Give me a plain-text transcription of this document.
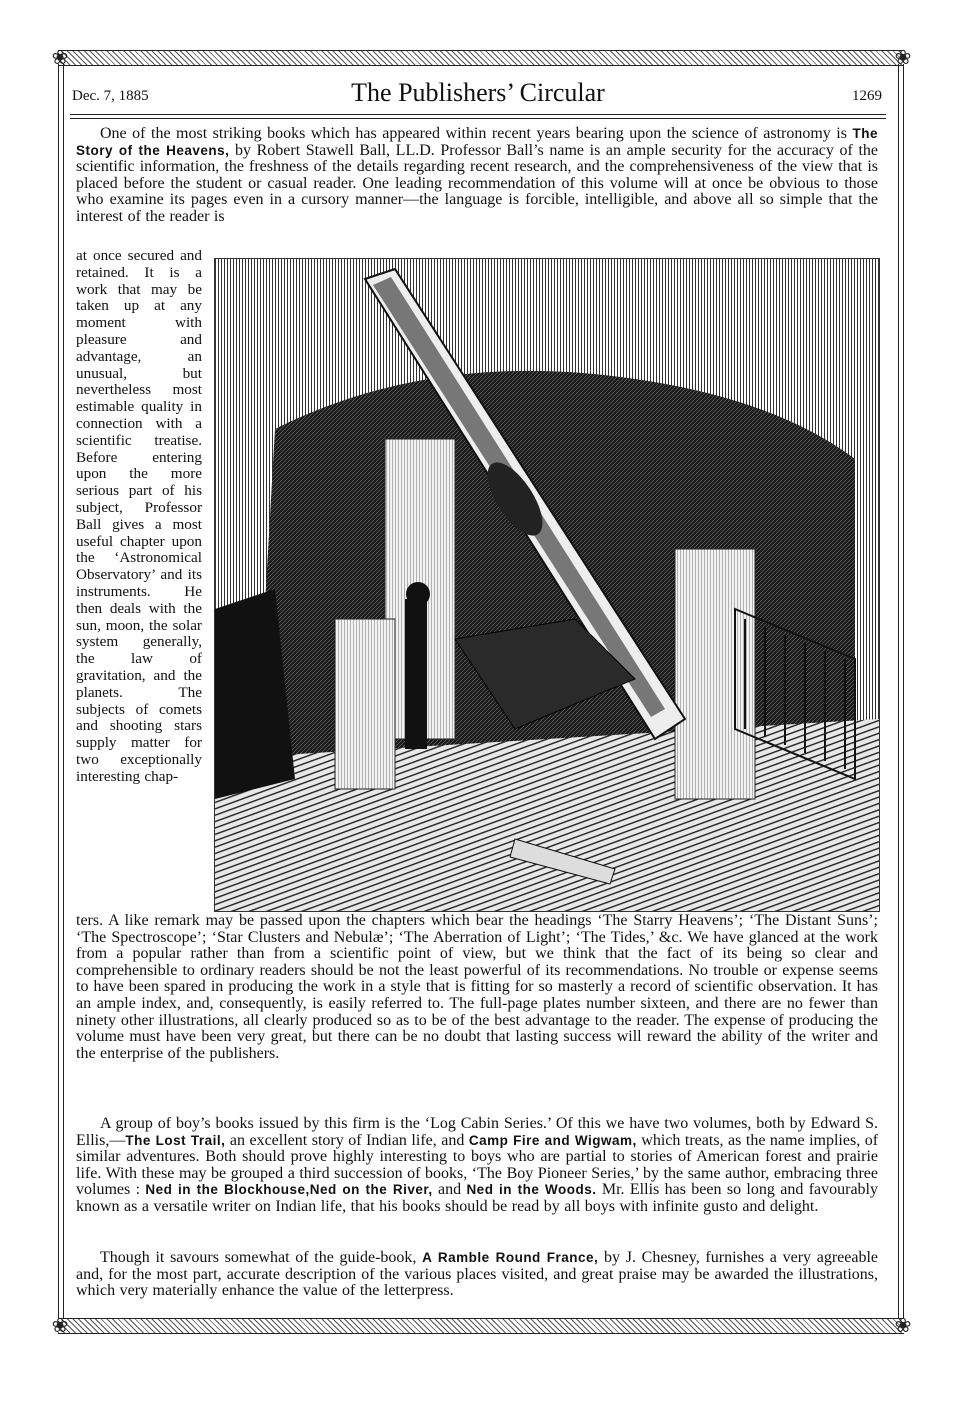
❀	❀
❀	❀
Dec. 7, 1885	The Publishers’ Circular	1269
One of the most striking books which has appeared within recent years bearing upon the science of astronomy is The Story of the Heavens, by Robert Stawell Ball, LL.D. Professor Ball’s name is an ample security for the accuracy of the scientific information, the freshness of the details regarding recent research, and the comprehensiveness of the view that is placed before the student or casual reader. One leading recommendation of this volume will at once be obvious to those who examine its pages even in a cursory manner—the language is forcible, intelligible, and above all so simple that the interest of the reader is
at once secured and retained. It is a work that may be taken up at any moment with pleasure and advantage, an unusual, but nevertheless most estimable quality in connection with a scientific treatise. Before entering upon the more serious part of his subject, Professor Ball gives a most useful chapter upon the ‘Astronomical Observatory’ and its instruments. He then deals with the sun, moon, the solar system generally, the law of gravitation, and the planets. The subjects of comets and shooting stars supply matter for two exceptionally interesting chap-
ters. A like remark may be passed upon the chapters which bear the headings ‘The Starry Heavens’; ‘The Distant Suns’; ‘The Spectroscope’; ‘Star Clusters and Nebulæ’; ‘The Aberration of Light’; ‘The Tides,’ &c. We have glanced at the work from a popular rather than from a scientific point of view, but we think that the fact of its being so clear and comprehensible to ordinary readers should be not the least powerful of its recommendations. No trouble or expense seems to have been spared in producing the work in a style that is fitting for so masterly a record of scientific observation. It has an ample index, and, consequently, is easily referred to. The full-page plates number sixteen, and there are no fewer than ninety other illustrations, all clearly produced so as to be of the best advantage to the reader. The expense of producing the volume must have been very great, but there can be no doubt that lasting success will reward the ability of the writer and the enterprise of the publishers.
A group of boy’s books issued by this firm is the ‘Log Cabin Series.’ Of this we have two volumes, both by Edward S. Ellis,—The Lost Trail, an excellent story of Indian life, and Camp Fire and Wigwam, which treats, as the name implies, of similar adventures. Both should prove highly interesting to boys who are partial to stories of American forest and prairie life. With these may be grouped a third succession of books, ‘The Boy Pioneer Series,’ by the same author, embracing three volumes : Ned in the Blockhouse,Ned on the River, and Ned in the Woods. Mr. Ellis has been so long and favourably known as a versatile writer on Indian life, that his books should be read by all boys with infinite gusto and delight.
Though it savours somewhat of the guide-book, A Ramble Round France, by J. Chesney, furnishes a very agreeable and, for the most part, accurate description of the various places visited, and great praise may be awarded the illustrations, which very materially enhance the value of the letterpress.
